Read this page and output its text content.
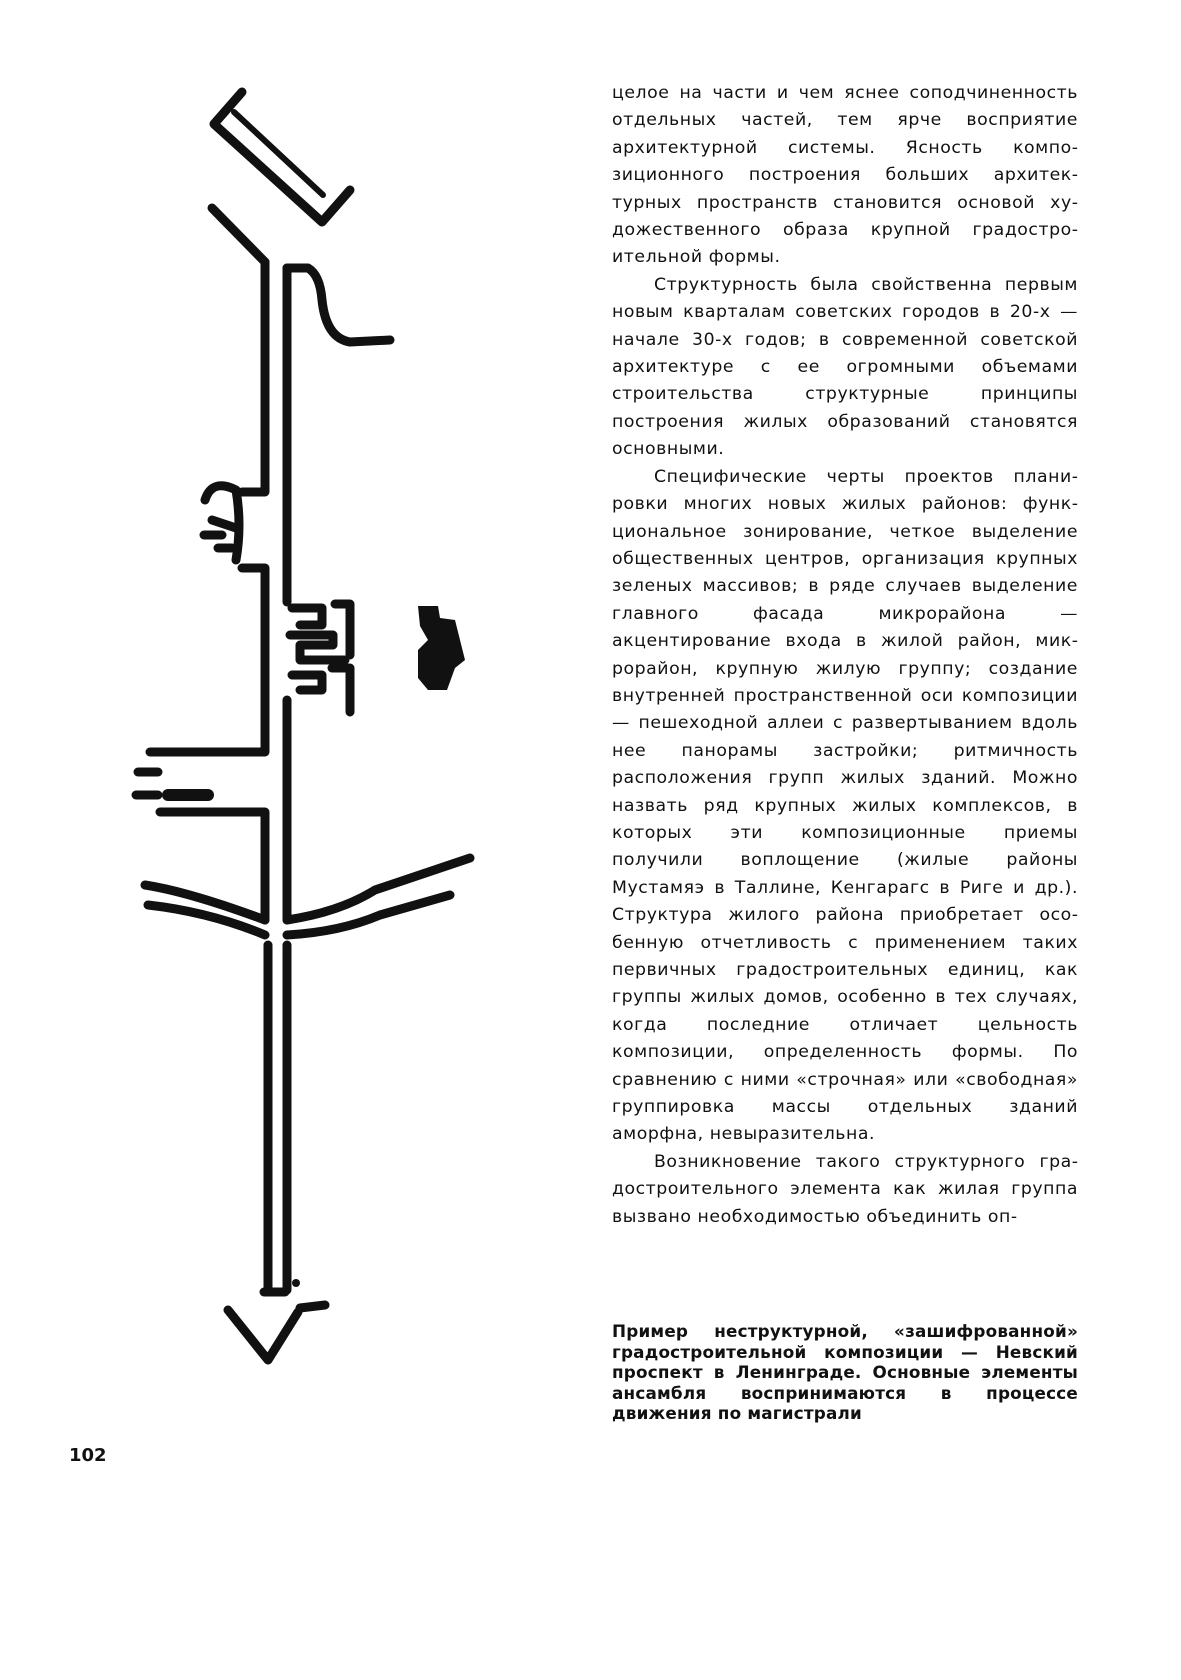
целое на части и чем яснее соподчиненность отдельных частей, тем ярче восприятие архитектурной системы. Ясность композиционного построения больших архитектурных пространств становится основой художественного образа крупной градостроительной формы.

Структурность была свойственна первым новым кварталам советских городов в 20-х — начале 30-х годов; в современной советской архитектуре с ее огромными объемами строительства структурные принципы построения жилых образований становятся основными.

Специфические черты проектов планировки многих новых жилых районов: функциональное зонирование, четкое выделение общественных центров, организация крупных зеленых массивов; в ряде случаев выделение главного фасада микрорайона — акцентирование входа в жилой район, микрорайон, крупную жилую группу; создание внутренней пространственной оси композиции — пешеходной аллеи с развертыванием вдоль нее панорамы застройки; ритмичность расположения групп жилых зданий. Можно назвать ряд крупных жилых комплексов, в которых эти композиционные приемы получили воплощение (жилые районы Мустамяэ в Таллине, Кенгарагс в Риге и др.). Структура жилого района приобретает особенную отчетливость с применением таких первичных градостроительных единиц, как группы жилых домов, особенно в тех случаях, когда последние отличает цельность композиции, определенность формы. По сравнению с ними «строчная» или «свободная» группировка массы отдельных зданий аморфна, невыразительна.

Возникновение такого структурного градостроительного элемента как жилая группа вызвано необходимостью объединить оп-

Пример неструктурной, «зашифрованной» градостроительной композиции — Невский проспект в Ленинграде. Основные элементы ансамбля воспринимаются в процессе движения по магистрали
102
